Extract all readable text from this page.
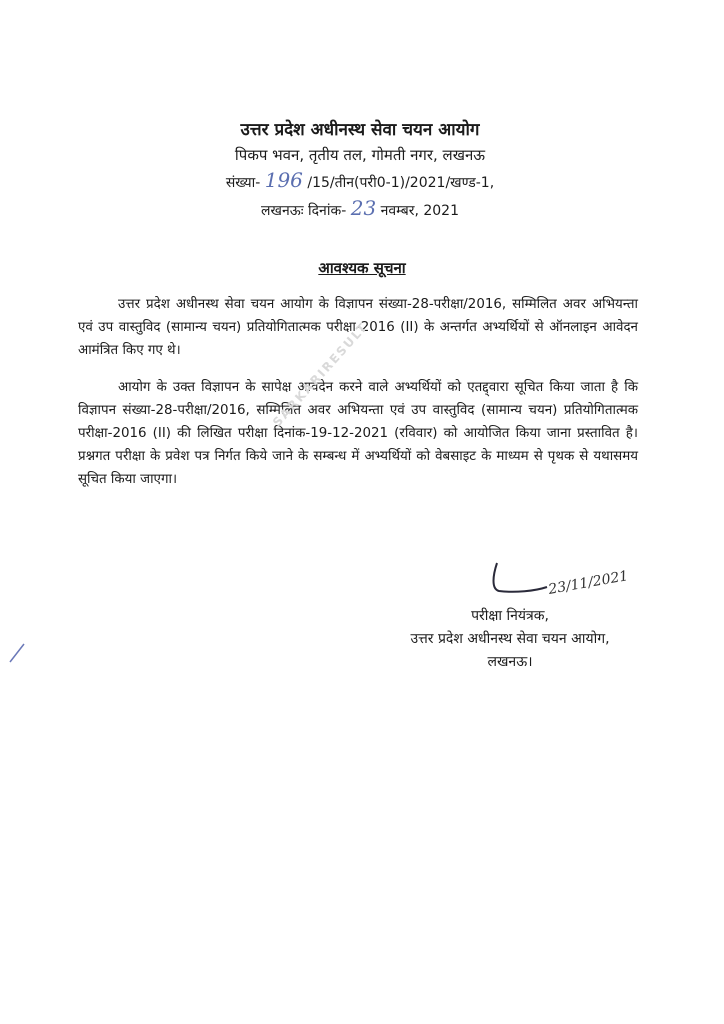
उत्तर प्रदेश अधीनस्थ सेवा चयन आयोग
पिकप भवन, तृतीय तल, गोमती नगर, लखनऊ
संख्या- 196 /15/तीन(परी0-1)/2021/खण्ड-1,
लखनऊः दिनांक- 23 नवम्बर, 2021
आवश्यक सूचना

उत्तर प्रदेश अधीनस्थ सेवा चयन आयोग के विज्ञापन संख्या-28-परीक्षा/2016, सम्मिलित अवर अभियन्ता एवं उप वास्तुविद (सामान्य चयन) प्रतियोगितात्मक परीक्षा-2016 (II) के अन्तर्गत अभ्यर्थियों से ऑनलाइन आवेदन आमंत्रित किए गए थे।

आयोग के उक्त विज्ञापन के सापेक्ष आवदेन करने वाले अभ्यर्थियों को एतद्द्वारा सूचित किया जाता है कि विज्ञापन संख्या-28-परीक्षा/2016, सम्मिलित अवर अभियन्ता एवं उप वास्तुविद (सामान्य चयन) प्रतियोगितात्मक परीक्षा-2016 (II) की लिखित परीक्षा दिनांक-19-12-2021 (रविवार) को आयोजित किया जाना प्रस्तावित है। प्रश्नगत परीक्षा के प्रवेश पत्र निर्गत किये जाने के सम्बन्ध में अभ्यर्थियों को वेबसाइट के माध्यम से पृथक से यथासमय सूचित किया जाएगा।

SARKARIRESULT
23/11/2021
परीक्षा नियंत्रक,
उत्तर प्रदेश अधीनस्थ सेवा चयन आयोग,
लखनऊ।
